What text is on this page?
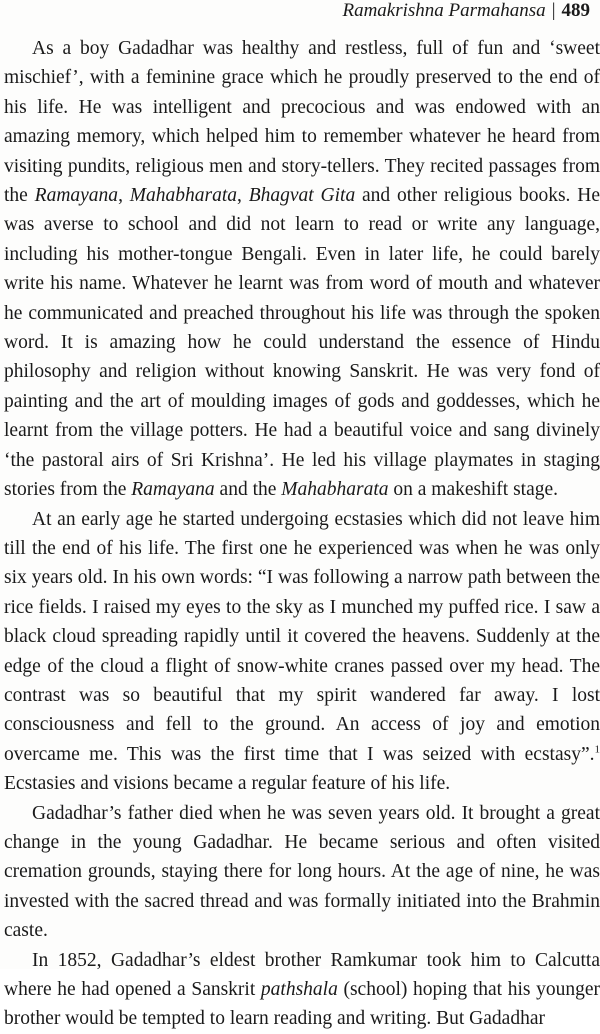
Ramakrishna Parmahansa | 489

As a boy Gadadhar was healthy and restless, full of fun and ‘sweet mischief’, with a feminine grace which he proudly preserved to the end of his life. He was intelligent and precocious and was endowed with an amazing memory, which helped him to remember whatever he heard from visiting pundits, religious men and story-tellers. They recited passages from the Ramayana, Mahabharata, Bhagvat Gita and other religious books. He was averse to school and did not learn to read or write any language, including his mother-tongue Bengali. Even in later life, he could barely write his name. Whatever he learnt was from word of mouth and whatever he communicated and preached throughout his life was through the spoken word. It is amazing how he could understand the essence of Hindu philosophy and religion without knowing Sanskrit. He was very fond of painting and the art of moulding images of gods and goddesses, which he learnt from the village potters. He had a beautiful voice and sang divinely ‘the pastoral airs of Sri Krishna’. He led his village playmates in staging stories from the Ramayana and the Mahabharata on a makeshift stage.

At an early age he started undergoing ecstasies which did not leave him till the end of his life. The first one he experienced was when he was only six years old. In his own words: “I was following a narrow path between the rice fields. I raised my eyes to the sky as I munched my puffed rice. I saw a black cloud spreading rapidly until it covered the heavens. Suddenly at the edge of the cloud a flight of snow-white cranes passed over my head. The contrast was so beautiful that my spirit wandered far away. I lost consciousness and fell to the ground. An access of joy and emotion overcame me. This was the first time that I was seized with ecstasy”.$^1$ Ecstasies and visions became a regular feature of his life.

Gadadhar’s father died when he was seven years old. It brought a great change in the young Gadadhar. He became serious and often visited cremation grounds, staying there for long hours. At the age of nine, he was invested with the sacred thread and was formally initiated into the Brahmin caste.

In 1852, Gadadhar’s eldest brother Ramkumar took him to Calcutta where he had opened a Sanskrit pathshala (school) hoping that his younger brother would be tempted to learn reading and writing. But Gadadhar
